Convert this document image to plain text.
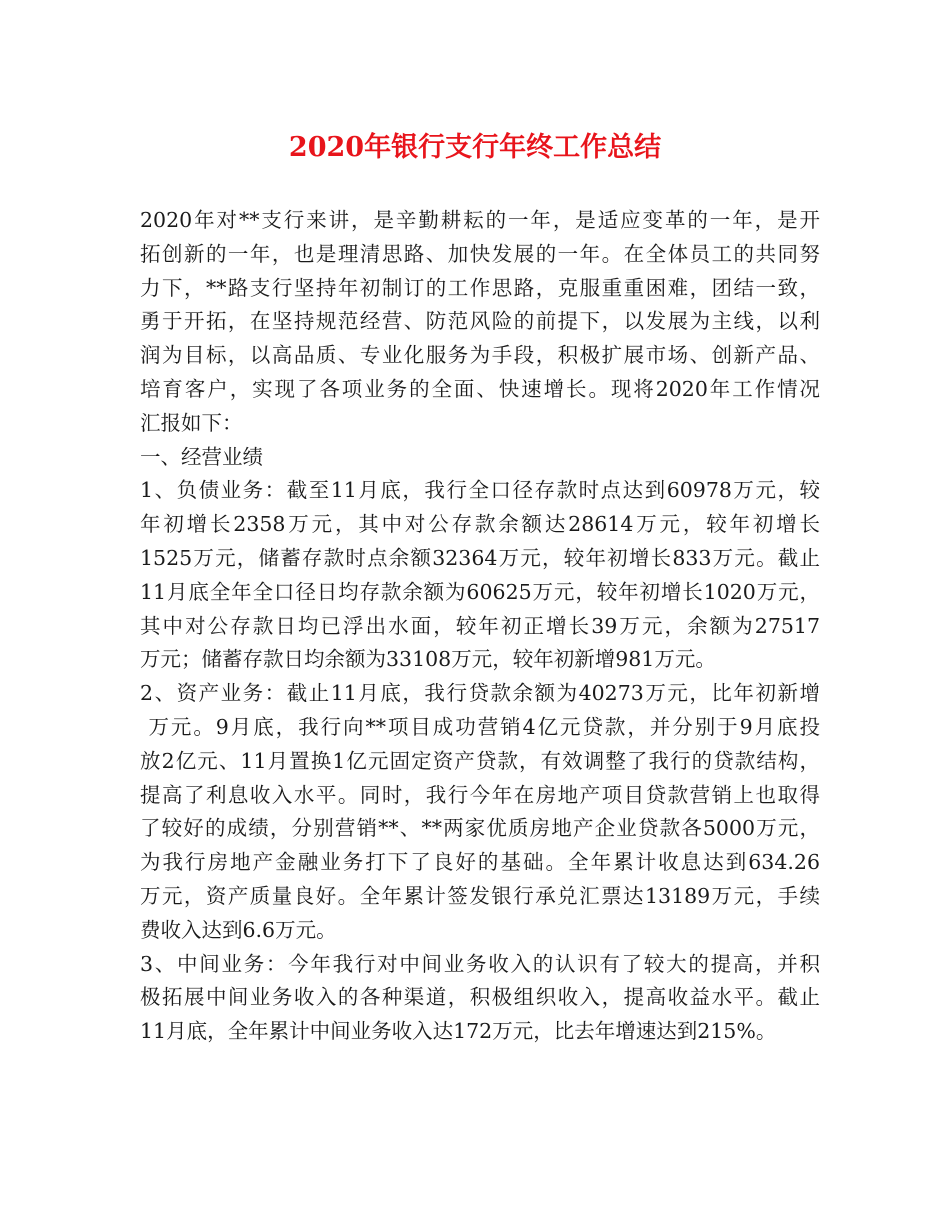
2020年银行支行年终工作总结
2020年对**支行来讲，是辛勤耕耘的一年，是适应变革的一年，是开
拓创新的一年，也是理清思路、加快发展的一年。在全体员工的共同努
力下，**路支行坚持年初制订的工作思路，克服重重困难，团结一致，
勇于开拓，在坚持规范经营、防范风险的前提下，以发展为主线，以利
润为目标，以高品质、专业化服务为手段，积极扩展市场、创新产品、
培育客户，实现了各项业务的全面、快速增长。现将2020年工作情况
汇报如下：
一、经营业绩
1、负债业务：截至11月底，我行全口径存款时点达到60978万元，较
年初增长2358万元，其中对公存款余额达28614万元，较年初增长
1525万元，储蓄存款时点余额32364万元，较年初增长833万元。截止
11月底全年全口径日均存款余额为60625万元，较年初增长1020万元，
其中对公存款日均已浮出水面，较年初正增长39万元，余额为27517
万元；储蓄存款日均余额为33108万元，较年初新增981万元。
2、资产业务：截止11月底，我行贷款余额为40273万元，比年初新增
万元。9月底，我行向**项目成功营销4亿元贷款，并分别于9月底投
放2亿元、11月置换1亿元固定资产贷款，有效调整了我行的贷款结构，
提高了利息收入水平。同时，我行今年在房地产项目贷款营销上也取得
了较好的成绩，分别营销**、**两家优质房地产企业贷款各5000万元，
为我行房地产金融业务打下了良好的基础。全年累计收息达到634.26
万元，资产质量良好。全年累计签发银行承兑汇票达13189万元，手续
费收入达到6.6万元。
3、中间业务：今年我行对中间业务收入的认识有了较大的提高，并积
极拓展中间业务收入的各种渠道，积极组织收入，提高收益水平。截止
11月底，全年累计中间业务收入达172万元，比去年增速达到215%。
